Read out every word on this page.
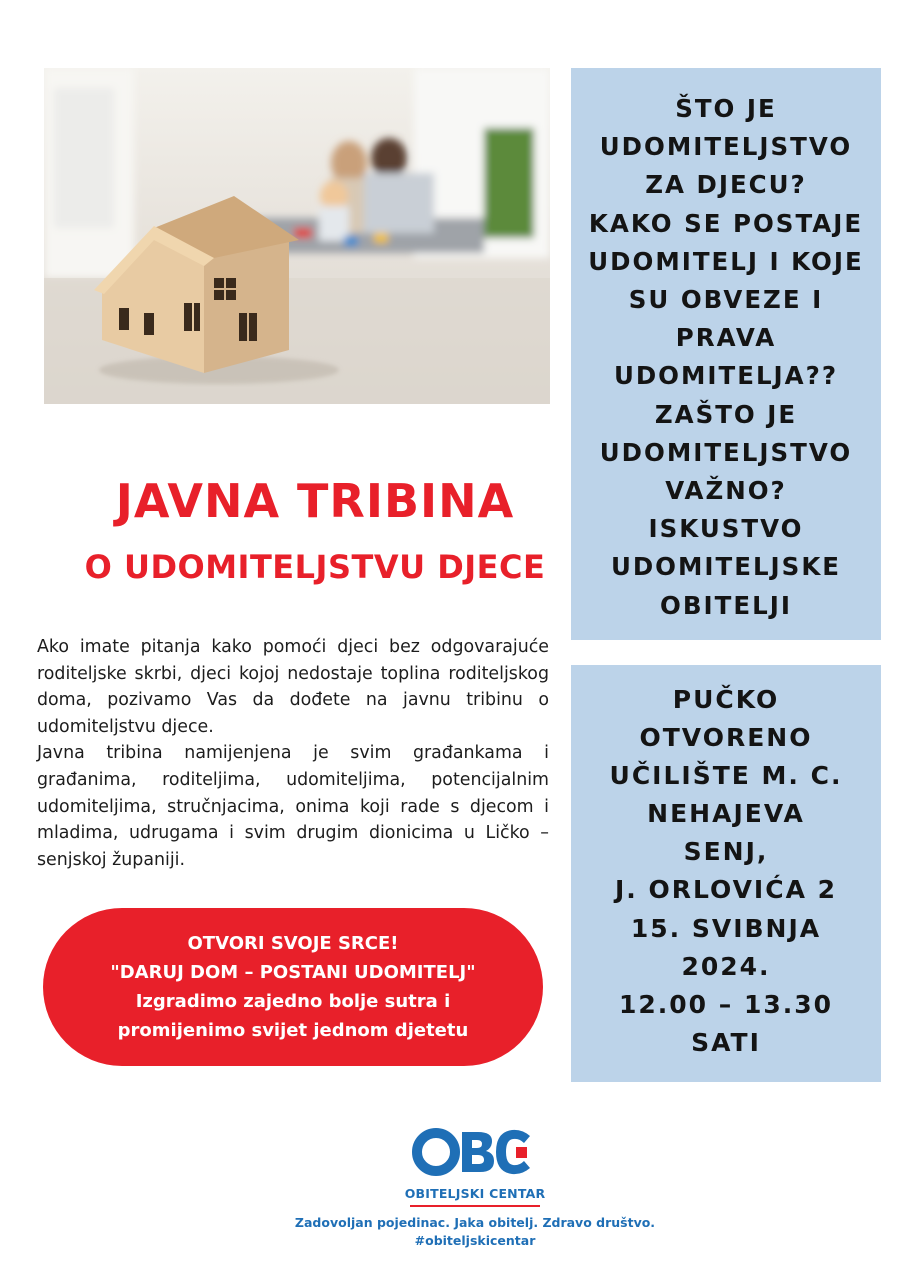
JAVNA TRIBINA
O UDOMITELJSTVU DJECE

Ako imate pitanja kako pomoći djeci bez odgovarajuće roditeljske skrbi, djeci kojoj nedostaje toplina roditeljskog doma, pozivamo Vas da dođete na javnu tribinu o udomiteljstvu djece.

Javna tribina namijenjena je svim građankama i građanima, roditeljima, udomiteljima, potencijalnim udomiteljima, stručnjacima, onima koji rade s djecom i mladima, udrugama i svim drugim dionicima u Ličko – senjskoj županiji.

OTVORI SVOJE SRCE!
"DARUJ DOM – POSTANI UDOMITELJ"
Izgradimo zajedno bolje sutra i
promijenimo svijet jednom djetetu
ŠTO JE
UDOMITELJSTVO
ZA DJECU?
KAKO SE POSTAJE
UDOMITELJ I KOJE
SU OBVEZE I
PRAVA
UDOMITELJA??
ZAŠTO JE
UDOMITELJSTVO
VAŽNO?
ISKUSTVO
UDOMITELJSKE
OBITELJI
PUČKO
OTVORENO
UČILIŠTE M. C.
NEHAJEVA
SENJ,
J. ORLOVIĆA 2
15. SVIBNJA
2024.
12.00 – 13.30
SATI
OBITELJSKI CENTAR
Zadovoljan pojedinac. Jaka obitelj. Zdravo društvo.
#obiteljskicentar
